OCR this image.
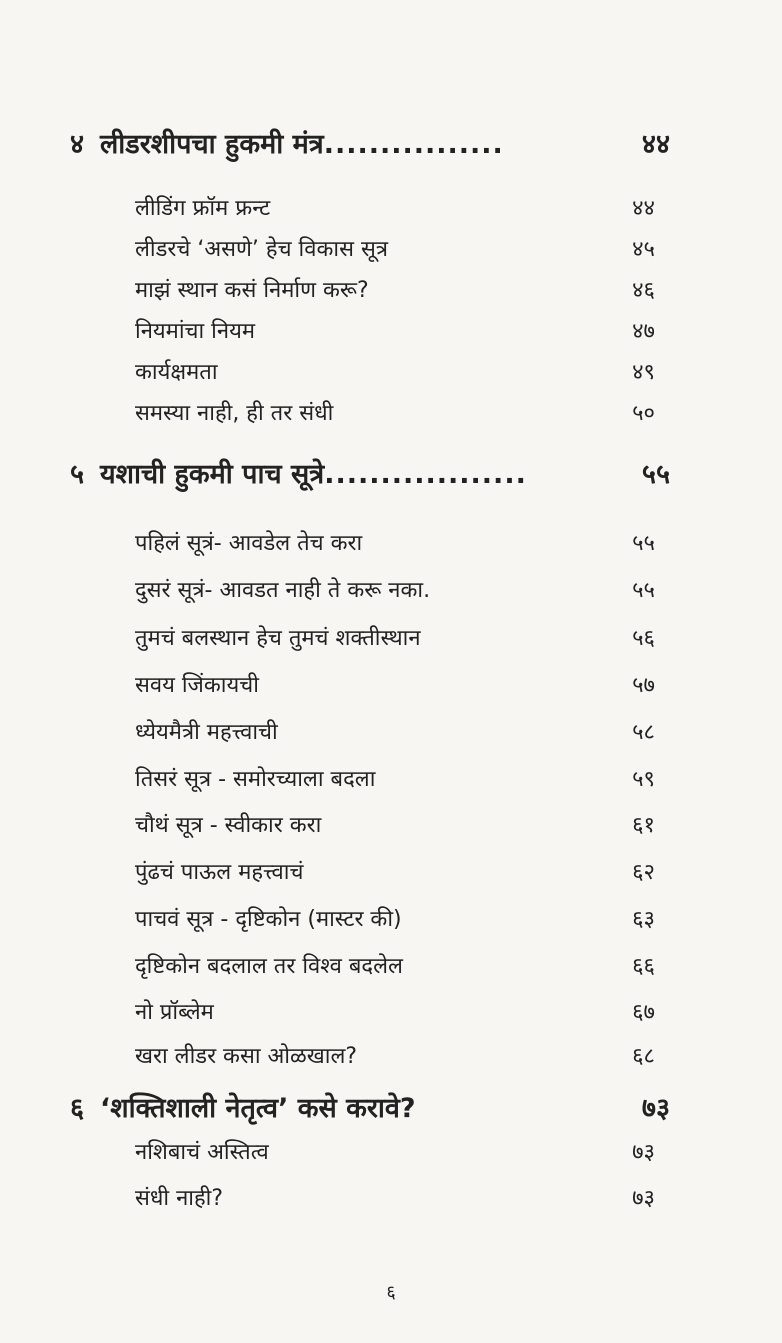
४ लीडरशीपचा हुकमी मंत्र ................	४४
लीडिंग फ्रॉम फ्रन्ट	४४
लीडरचे ‘असणे’ हेच विकास सूत्र	४५
माझं स्थान कसं निर्माण करू?	४६
नियमांचा नियम	४७
कार्यक्षमता	४९
समस्या नाही, ही तर संधी	५०
५ यशाची हुकमी पाच सूत्रे ..................	५५
पहिलं सूत्रं- आवडेल तेच करा	५५
दुसरं सूत्रं- आवडत नाही ते करू नका.	५५
तुमचं बलस्थान हेच तुमचं शक्तीस्थान	५६
सवय जिंकायची	५७
ध्येयमैत्री महत्त्वाची	५८
तिसरं सूत्र - समोरच्याला बदला	५९
चौथं सूत्र - स्वीकार करा	६१
पुंढचं पाऊल महत्त्वाचं	६२
पाचवं सूत्र - दृष्टिकोन (मास्टर की)	६३
दृष्टिकोन बदलाल तर विश्व बदलेल	६६
नो प्रॉब्लेम	६७
खरा लीडर कसा ओळखाल?	६८
६ ‘शक्तिशाली नेतृत्व’ कसे करावे?	७३
नशिबाचं अस्तित्व	७३
संधी नाही?	७३
६
